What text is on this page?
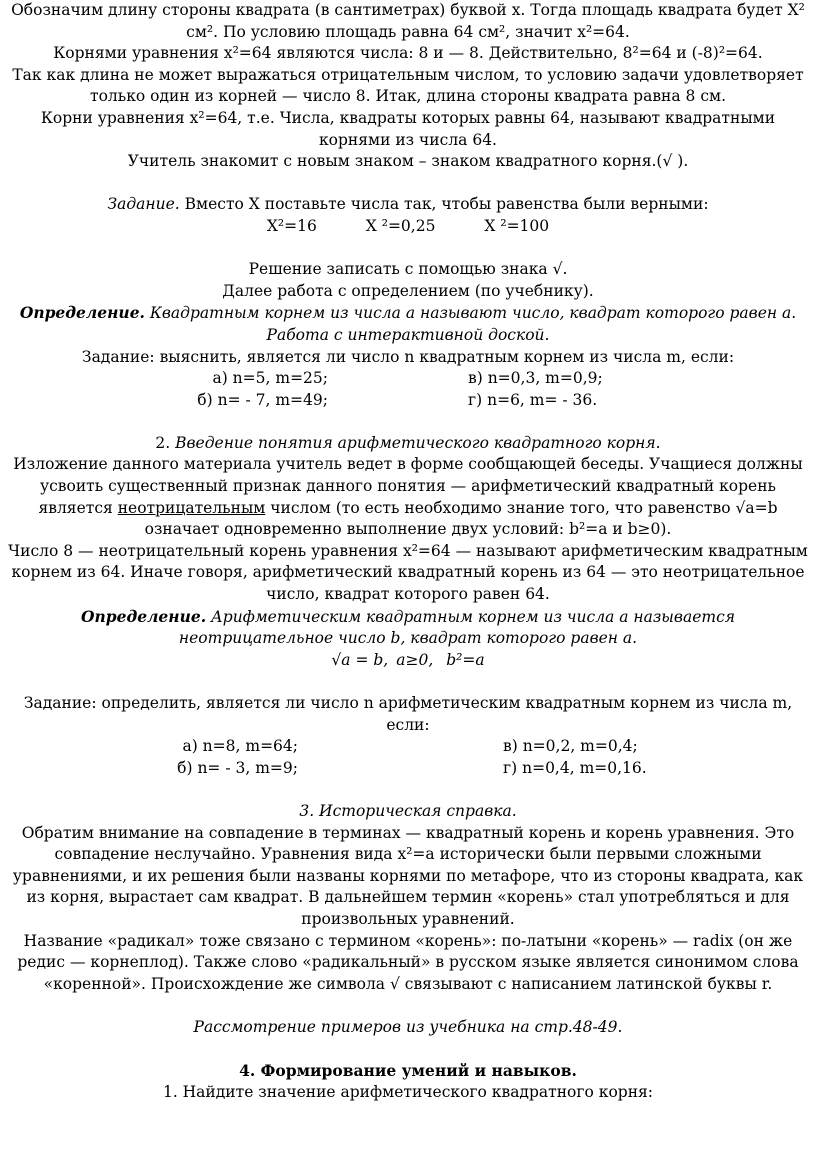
Обозначим длину стороны квадрата (в сантиметрах) буквой x. Тогда площадь квадрата будет X² см². По условию площадь равна 64 см², значит x²=64.

Корнями уравнения x²=64 являются числа: 8 и — 8. Действительно, 8²=64 и (-8)²=64.

Так как длина не может выражаться отрицательным числом, то условию задачи удовлетворяет только один из корней — число 8. Итак, длина стороны квадрата равна 8 см.

Корни уравнения x²=64, т.е. Числа, квадраты которых равны 64, называют квадратными корнями из числа 64.

Учитель знакомит с новым знаком – знаком квадратного корня.(√ ).

Задание. Вместо X поставьте числа так, чтобы равенства были верными:

X²=16	X ²=0,25	X ²=100

Решение записать с помощью знака √.

Далее работа с определением (по учебнику).

Определение. Квадратным корнем из числа a называют число, квадрат которого равен a.

Работа с интерактивной доской.

Задание: выяснить, является ли число n квадратным корнем из числа m, если:

а) n=5, m=25;	в) n=0,3, m=0,9;
б) n= - 7, m=49;	г) n=6, m= - 36.

2. Введение понятия арифметического квадратного корня.

Изложение данного материала учитель ведет в форме сообщающей беседы. Учащиеся должны усвоить существенный признак данного понятия — арифметический квадратный корень является неотрицательным числом (то есть необходимо знание того, что равенство √a=b означает одновременно выполнение двух условий: b²=a и b≥0).

Число 8 — неотрицательный корень уравнения x²=64 — называют арифметическим квадратным корнем из 64. Иначе говоря, арифметический квадратный корень из 64 — это неотрицательное число, квадрат которого равен 64.

Определение. Арифметическим квадратным корнем из числа a называется неотрицательное число b, квадрат которого равен a.

√a = b, a≥0, b²=a

Задание: определить, является ли число n арифметическим квадратным корнем из числа m, если:

а) n=8, m=64;	в) n=0,2, m=0,4;
б) n= - 3, m=9;	г) n=0,4, m=0,16.

3. Историческая справка.

Обратим внимание на совпадение в терминах — квадратный корень и корень уравнения. Это совпадение неслучайно. Уравнения вида x²=a исторически были первыми сложными уравнениями, и их решения были названы корнями по метафоре, что из стороны квадрата, как из корня, вырастает сам квадрат. В дальнейшем термин «корень» стал употребляться и для произвольных уравнений.

Название «радикал» тоже связано с термином «корень»: по-латыни «корень» — radix (он же редис — корнеплод). Также слово «радикальный» в русском языке является синонимом слова «коренной». Происхождение же символа √ связывают с написанием латинской буквы r.

Рассмотрение примеров из учебника на стр.48-49.

4. Формирование умений и навыков.

1. Найдите значение арифметического квадратного корня:
